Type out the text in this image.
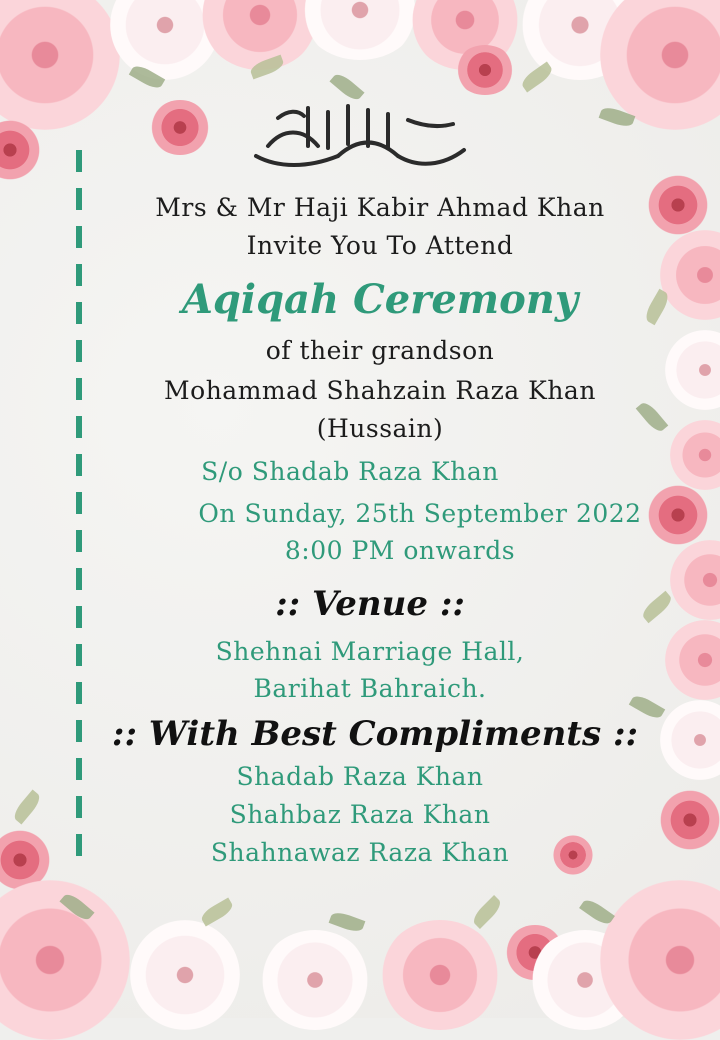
Mrs & Mr Haji Kabir Ahmad Khan
Invite You To Attend
Aqiqah Ceremony
of their grandson
Mohammad Shahzain Raza Khan
(Hussain)
S/o Shadab Raza Khan
On Sunday, 25th September 2022
8:00 PM onwards
:: Venue ::
Shehnai Marriage Hall,
Barihat Bahraich.
:: With Best Compliments ::
Shadab Raza Khan
Shahbaz Raza Khan
Shahnawaz Raza Khan
